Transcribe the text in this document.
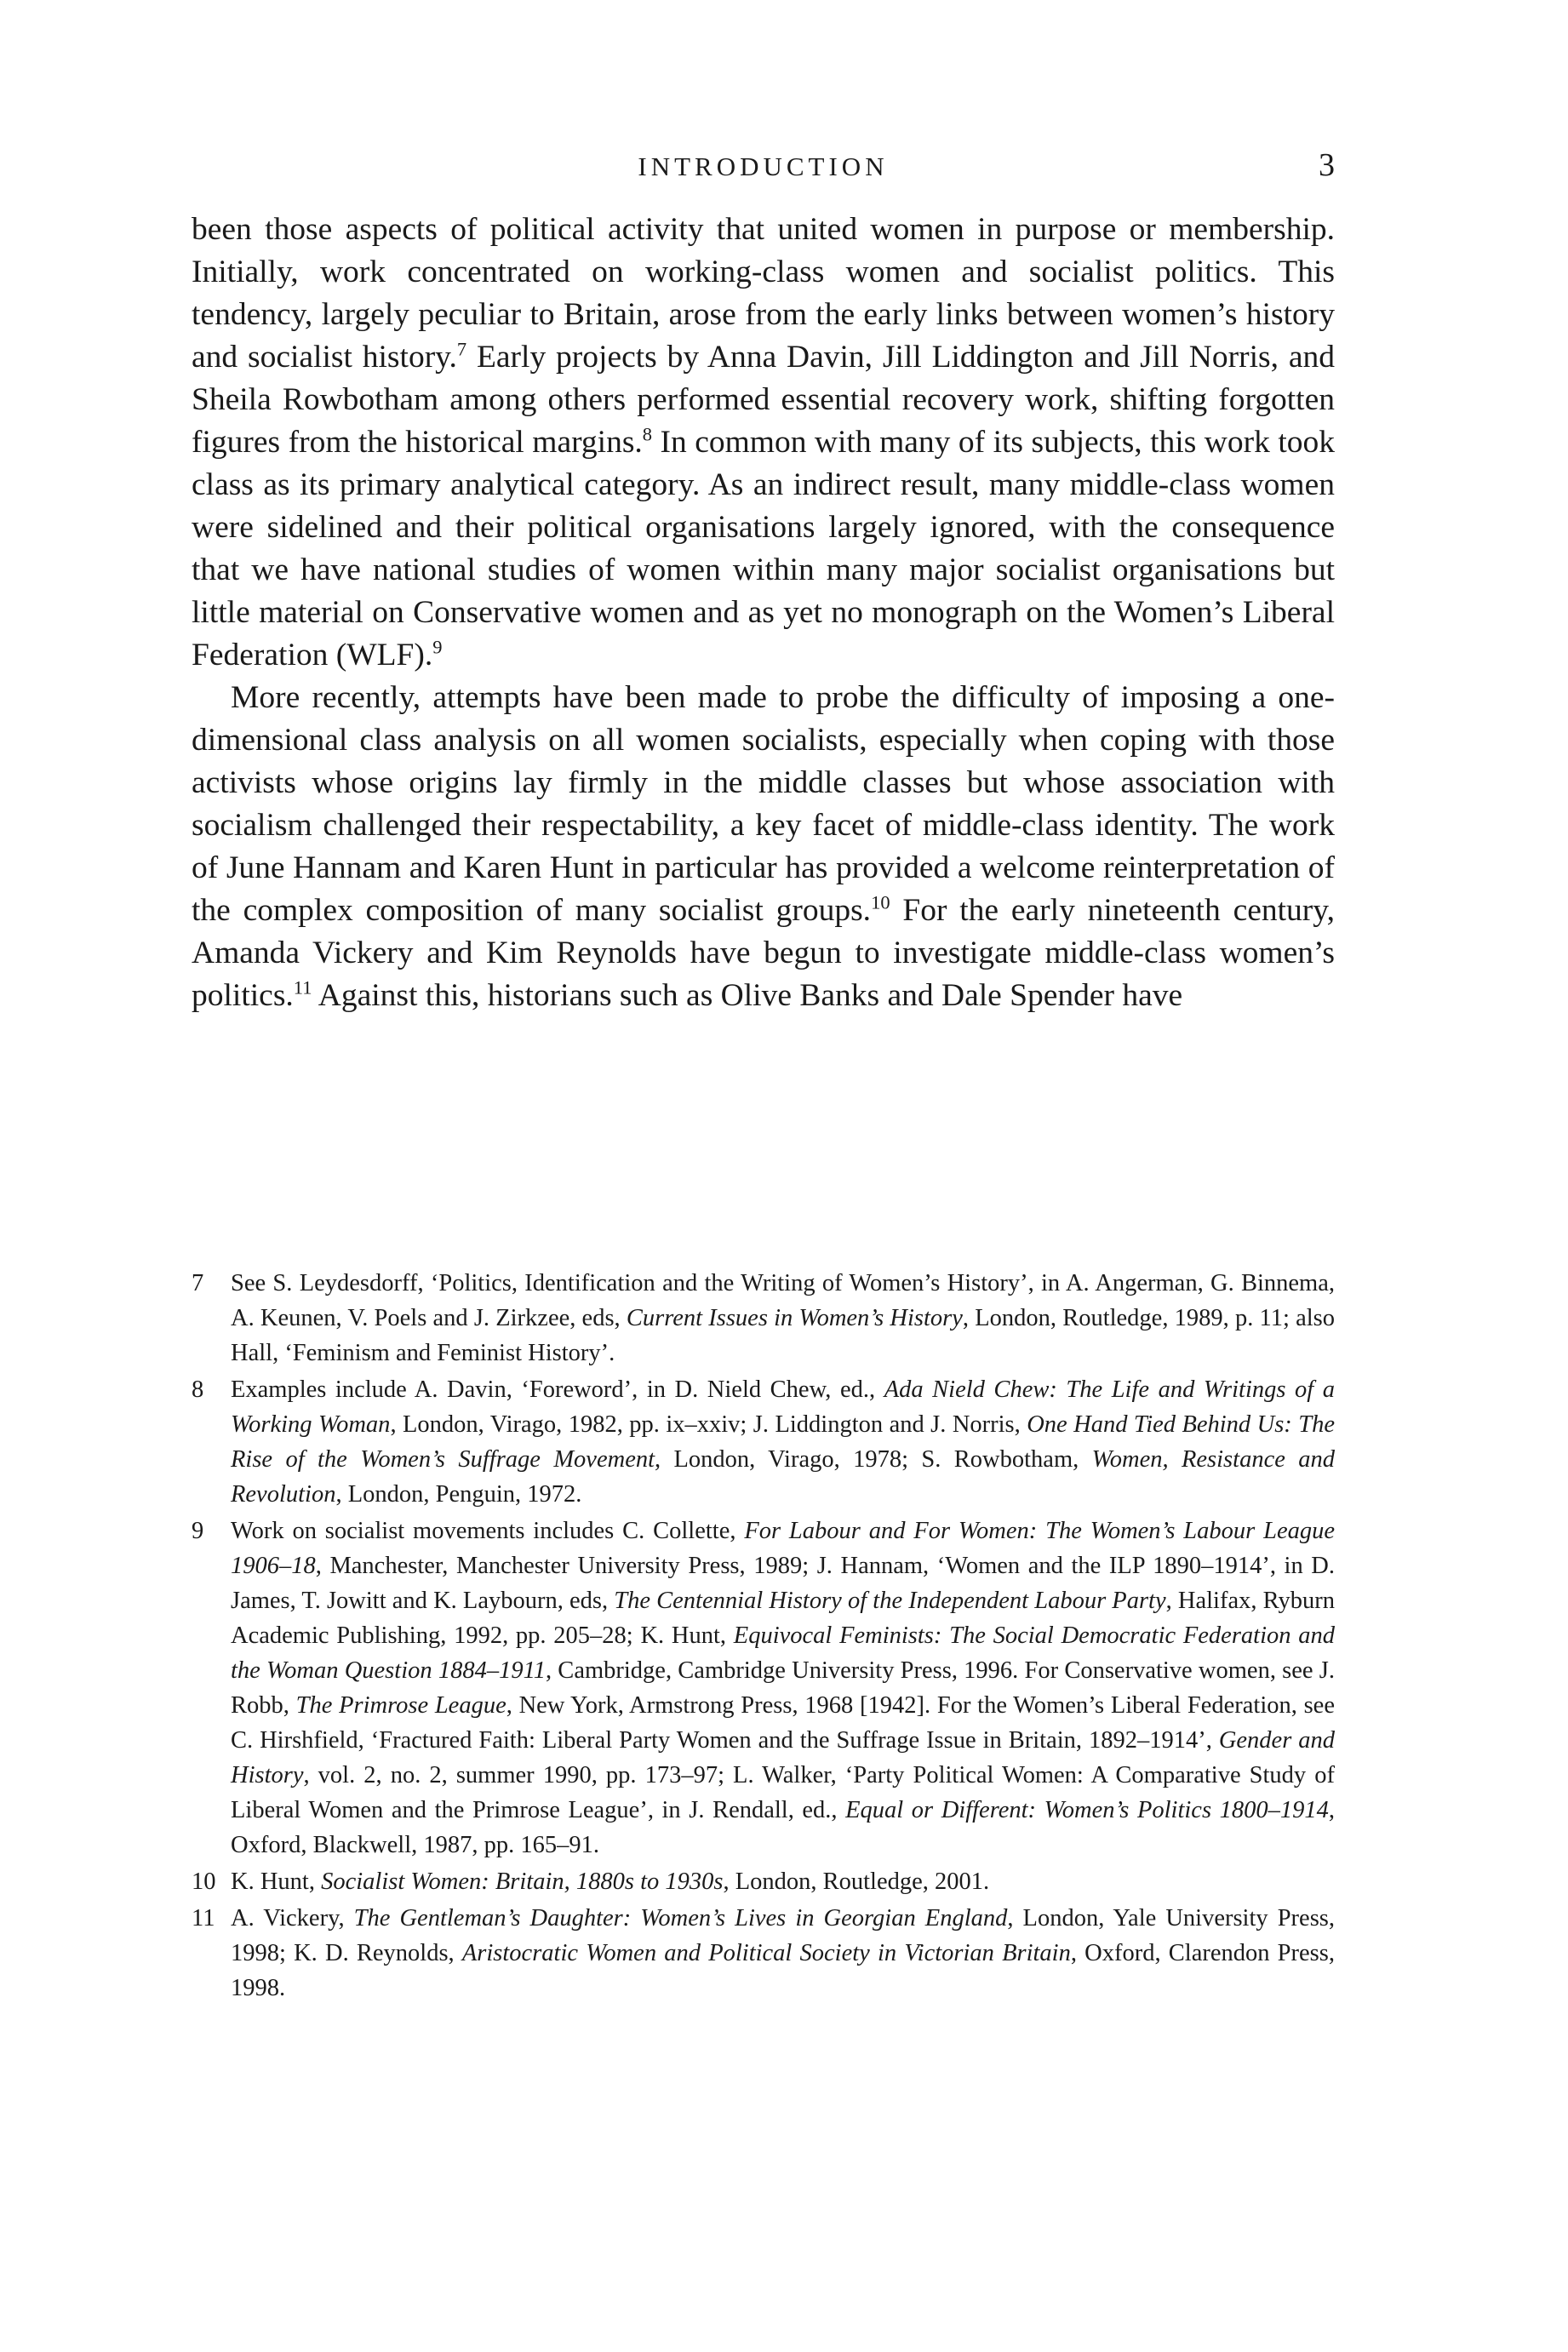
INTRODUCTION	3

been those aspects of political activity that united women in purpose or membership. Initially, work concentrated on working-class women and socialist politics. This tendency, largely peculiar to Britain, arose from the early links between women’s history and socialist history.$^7$ Early projects by Anna Davin, Jill Liddington and Jill Norris, and Sheila Rowbotham among others performed essential recovery work, shifting forgotten figures from the historical margins.$^8$ In common with many of its subjects, this work took class as its primary analytical category. As an indirect result, many middle-class women were sidelined and their political organisations largely ignored, with the consequence that we have national studies of women within many major socialist organisations but little material on Conservative women and as yet no monograph on the Women’s Liberal Federation (WLF).$^9$

More recently, attempts have been made to probe the difficulty of imposing a one-dimensional class analysis on all women socialists, especially when coping with those activists whose origins lay firmly in the middle classes but whose association with socialism challenged their respectability, a key facet of middle-class identity. The work of June Hannam and Karen Hunt in particular has provided a welcome reinterpretation of the complex composition of many socialist groups.$^{10}$ For the early nineteenth century, Amanda Vickery and Kim Reynolds have begun to investigate middle-class women’s politics.$^{11}$ Against this, historians such as Olive Banks and Dale Spender have

7	See S. Leydesdorff, ‘Politics, Identification and the Writing of Women’s History’, in A. Angerman, G. Binnema, A. Keunen, V. Poels and J. Zirkzee, eds, Current Issues in Women’s History, London, Routledge, 1989, p. 11; also Hall, ‘Feminism and Feminist History’.
8	Examples include A. Davin, ‘Foreword’, in D. Nield Chew, ed., Ada Nield Chew: The Life and Writings of a Working Woman, London, Virago, 1982, pp. ix–xxiv; J. Liddington and J. Norris, One Hand Tied Behind Us: The Rise of the Women’s Suffrage Movement, London, Virago, 1978; S. Rowbotham, Women, Resistance and Revolution, London, Penguin, 1972.
9	Work on socialist movements includes C. Collette, For Labour and For Women: The Women’s Labour League 1906–18, Manchester, Manchester University Press, 1989; J. Hannam, ‘Women and the ILP 1890–1914’, in D. James, T. Jowitt and K. Laybourn, eds, The Centennial History of the Independent Labour Party, Halifax, Ryburn Academic Publishing, 1992, pp. 205–28; K. Hunt, Equivocal Feminists: The Social Democratic Federation and the Woman Question 1884–1911, Cambridge, Cambridge University Press, 1996. For Conservative women, see J. Robb, The Primrose League, New York, Armstrong Press, 1968 [1942]. For the Women’s Liberal Federation, see C. Hirshfield, ‘Fractured Faith: Liberal Party Women and the Suffrage Issue in Britain, 1892–1914’, Gender and History, vol. 2, no. 2, summer 1990, pp. 173–97; L. Walker, ‘Party Political Women: A Comparative Study of Liberal Women and the Primrose League’, in J. Rendall, ed., Equal or Different: Women’s Politics 1800–1914, Oxford, Blackwell, 1987, pp. 165–91.
10 K. Hunt, Socialist Women: Britain, 1880s to 1930s, London, Routledge, 2001.
11 A. Vickery, The Gentleman’s Daughter: Women’s Lives in Georgian England, London, Yale University Press, 1998; K. D. Reynolds, Aristocratic Women and Political Society in Victorian Britain, Oxford, Clarendon Press, 1998.
